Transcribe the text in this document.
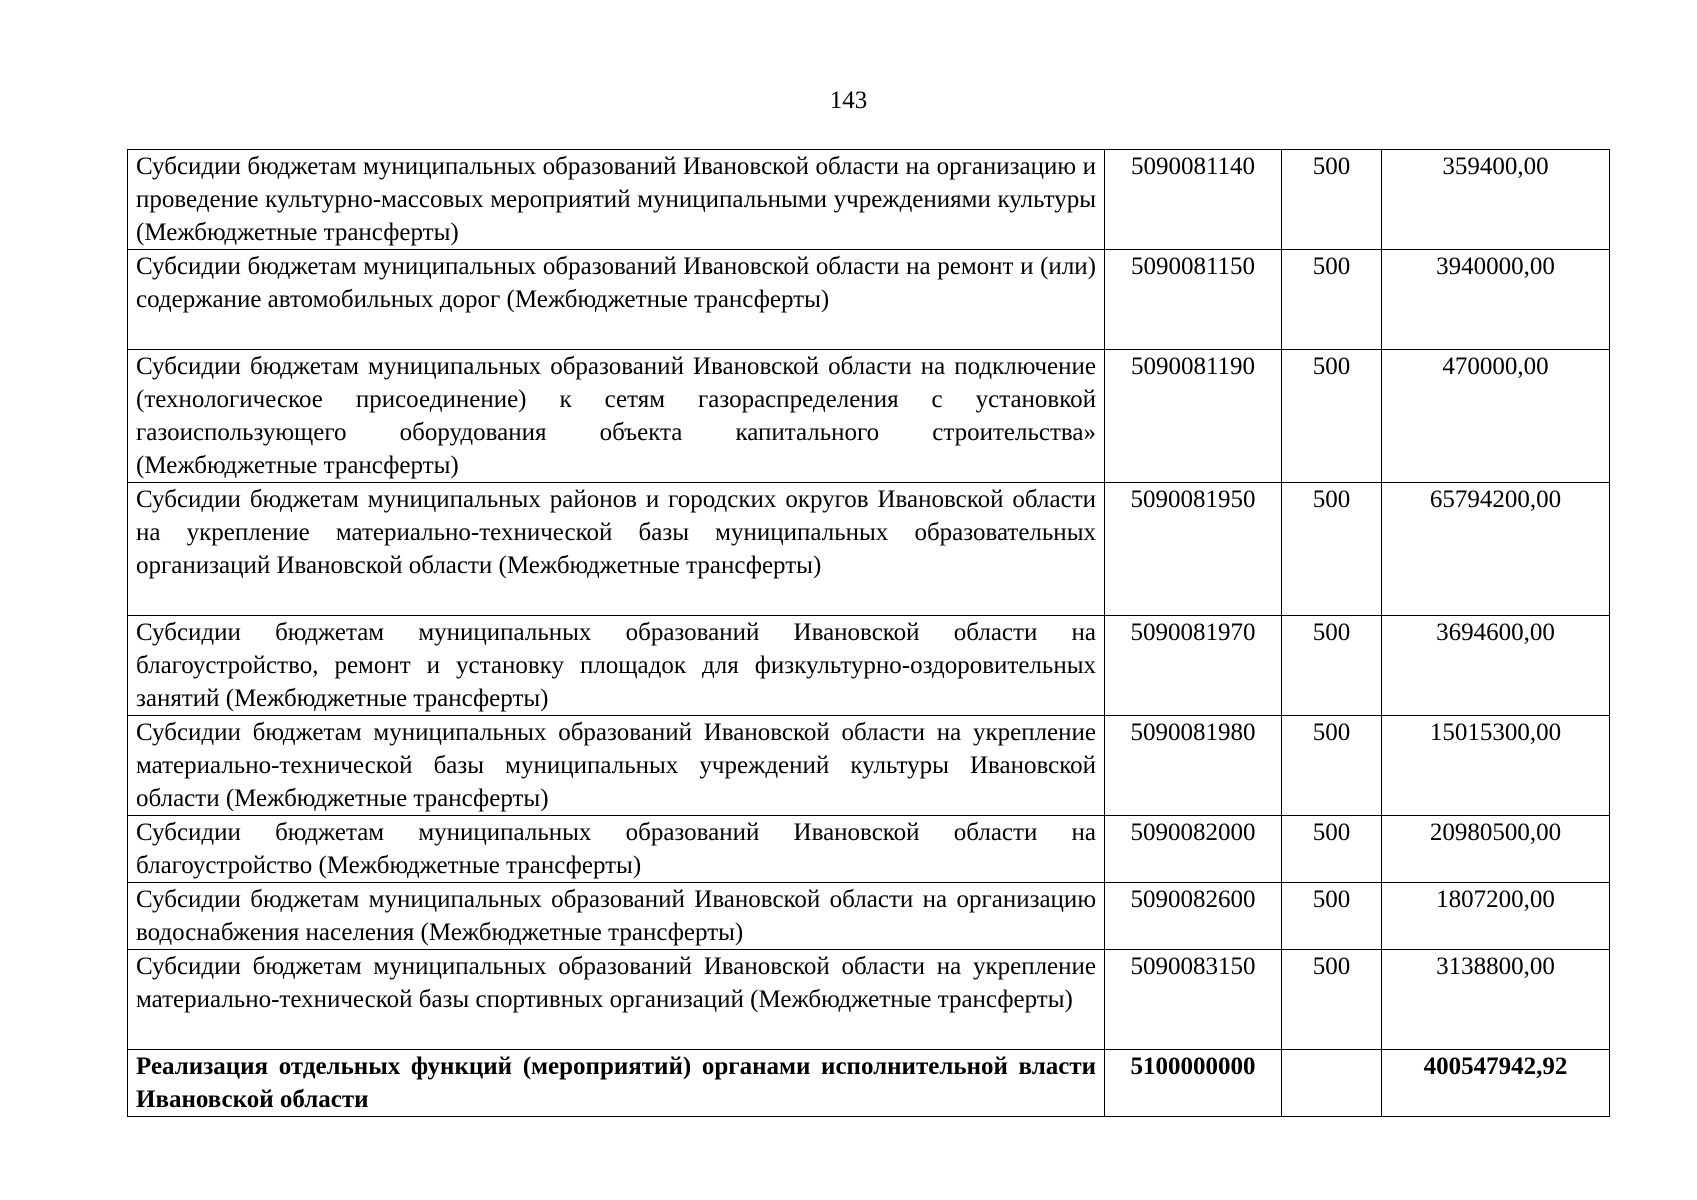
143
Субсидии бюджетам муниципальных образований Ивановской области на организацию и проведение культурно-массовых мероприятий муниципальными учреждениями культуры (Межбюджетные трансферты)	5090081140	500	359400,00
Субсидии бюджетам муниципальных образований Ивановской области на ремонт и (или) содержание автомобильных дорог (Межбюджетные трансферты)	5090081150	500	3940000,00
Субсидии бюджетам муниципальных образований Ивановской области на подключение (технологическое присоединение) к сетям газораспределения с установкой газоиспользующего оборудования объекта капитального строительства» (Межбюджетные трансферты)	5090081190	500	470000,00
Субсидии бюджетам муниципальных районов и городских округов Ивановской области на укрепление материально-технической базы муниципальных образовательных организаций Ивановской области (Межбюджетные трансферты)	5090081950	500	65794200,00
Субсидии бюджетам муниципальных образований Ивановской области на благоустройство, ремонт и установку площадок для физкультурно-оздоровительных занятий (Межбюджетные трансферты)	5090081970	500	3694600,00
Субсидии бюджетам муниципальных образований Ивановской области на укрепление материально-технической базы муниципальных учреждений культуры Ивановской области (Межбюджетные трансферты)	5090081980	500	15015300,00
Субсидии бюджетам муниципальных образований Ивановской области на благоустройство (Межбюджетные трансферты)	5090082000	500	20980500,00
Субсидии бюджетам муниципальных образований Ивановской области на организацию водоснабжения населения (Межбюджетные трансферты)	5090082600	500	1807200,00
Субсидии бюджетам муниципальных образований Ивановской области на укрепление материально-технической базы спортивных организаций (Межбюджетные трансферты)	5090083150	500	3138800,00
Реализация отдельных функций (мероприятий) органами исполнительной власти Ивановской области	5100000000		400547942,92
